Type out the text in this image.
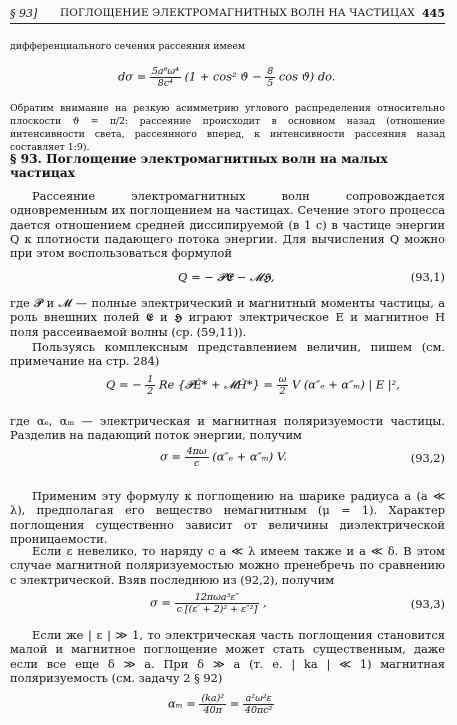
§ 93] ПОГЛОЩЕНИЕ ЭЛЕКТРОМАГНИТНЫХ ВОЛН НА ЧАСТИЦАХ 445
дифференциального сечения рассеяния имеем
$d\sigma = \frac{\text{5a⁶ω⁴}}{\text{8c⁴}} (1 + \cos^2$ $ϑ - \frac{8}{5}$ cos ϑ) do.
Обратим внимание на резкую асимметрию углового распределения относительно плоскости ϑ = π/2: рассеяние происходит в основном назад (отношение интенсивности света, рассеянного вперед, к интенсивности рассеяния назад составляет 1:9).
§ 93. Поглощение электромагнитных волн на малых частицах
Рассеяние электромагнитных волн сопровождается одновременным их поглощением на частицах. Сечение этого процесса дается отношением средней диссипируемой (в 1 с) в частице энергии Q к плотности падающего потока энергии. Для вычисления Q можно при этом воспользоваться формулой
Q = − 𝓟𝕰̇ − 𝓜𝕳̇,	(93,1)
где 𝓟 и 𝓜 — полные электрический и магнитный моменты частицы, а роль внешних полей 𝕰 и 𝕳 играют электрическое E и магнитное H поля рассеиваемой волны (ср. (59,11)).
Пользуясь комплексным представлением величин, пишем (см. примечание на стр. 284)
Q = − $\frac{1}{2}$ Re {𝓟Ė* + 𝓜Ḣ*} = $\frac{\omega}{2}$ V (α″ₑ + α″ₘ) | E |²,
где αₑ, αₘ — электрическая и магнитная поляризуемости частицы. Разделив на падающий поток энергии, получим
$\sigma = \frac{4\pi\omega}{c} (\alpha''_e + \alpha''_m)$ V.	(93,2)
Применим эту формулу к поглощению на шарике радиуса a (a ≪ λ), предполагая его вещество немагнитным (μ = 1). Характер поглощения существенно зависит от величины диэлектрической проницаемости.
Если ε невелико, то наряду с a ≪ λ имеем также и a ≪ δ. В этом случае магнитной поляризуемостью можно пренебречь по сравнению с электрической. Взяв последнюю из (92,2), получим
$\sigma = \frac{\text{12πωa³ε″}}{\text{c [(ε′ + 2)² + ε″²]}}$ ,	(93,3)
Если же | ε | ≫ 1, то электрическая часть поглощения становится малой и магнитное поглощение может стать существенным, даже если все еще δ ≫ a. При δ ≫ a (т. е. | ka | ≪ 1) магнитная поляризуемость (см. задачу 2 § 92)
$\alpha_m = \frac{\text{(ka)²}}{40\pi} = \frac{\text{a²ω²ε}}{\text{40πc²}}$
